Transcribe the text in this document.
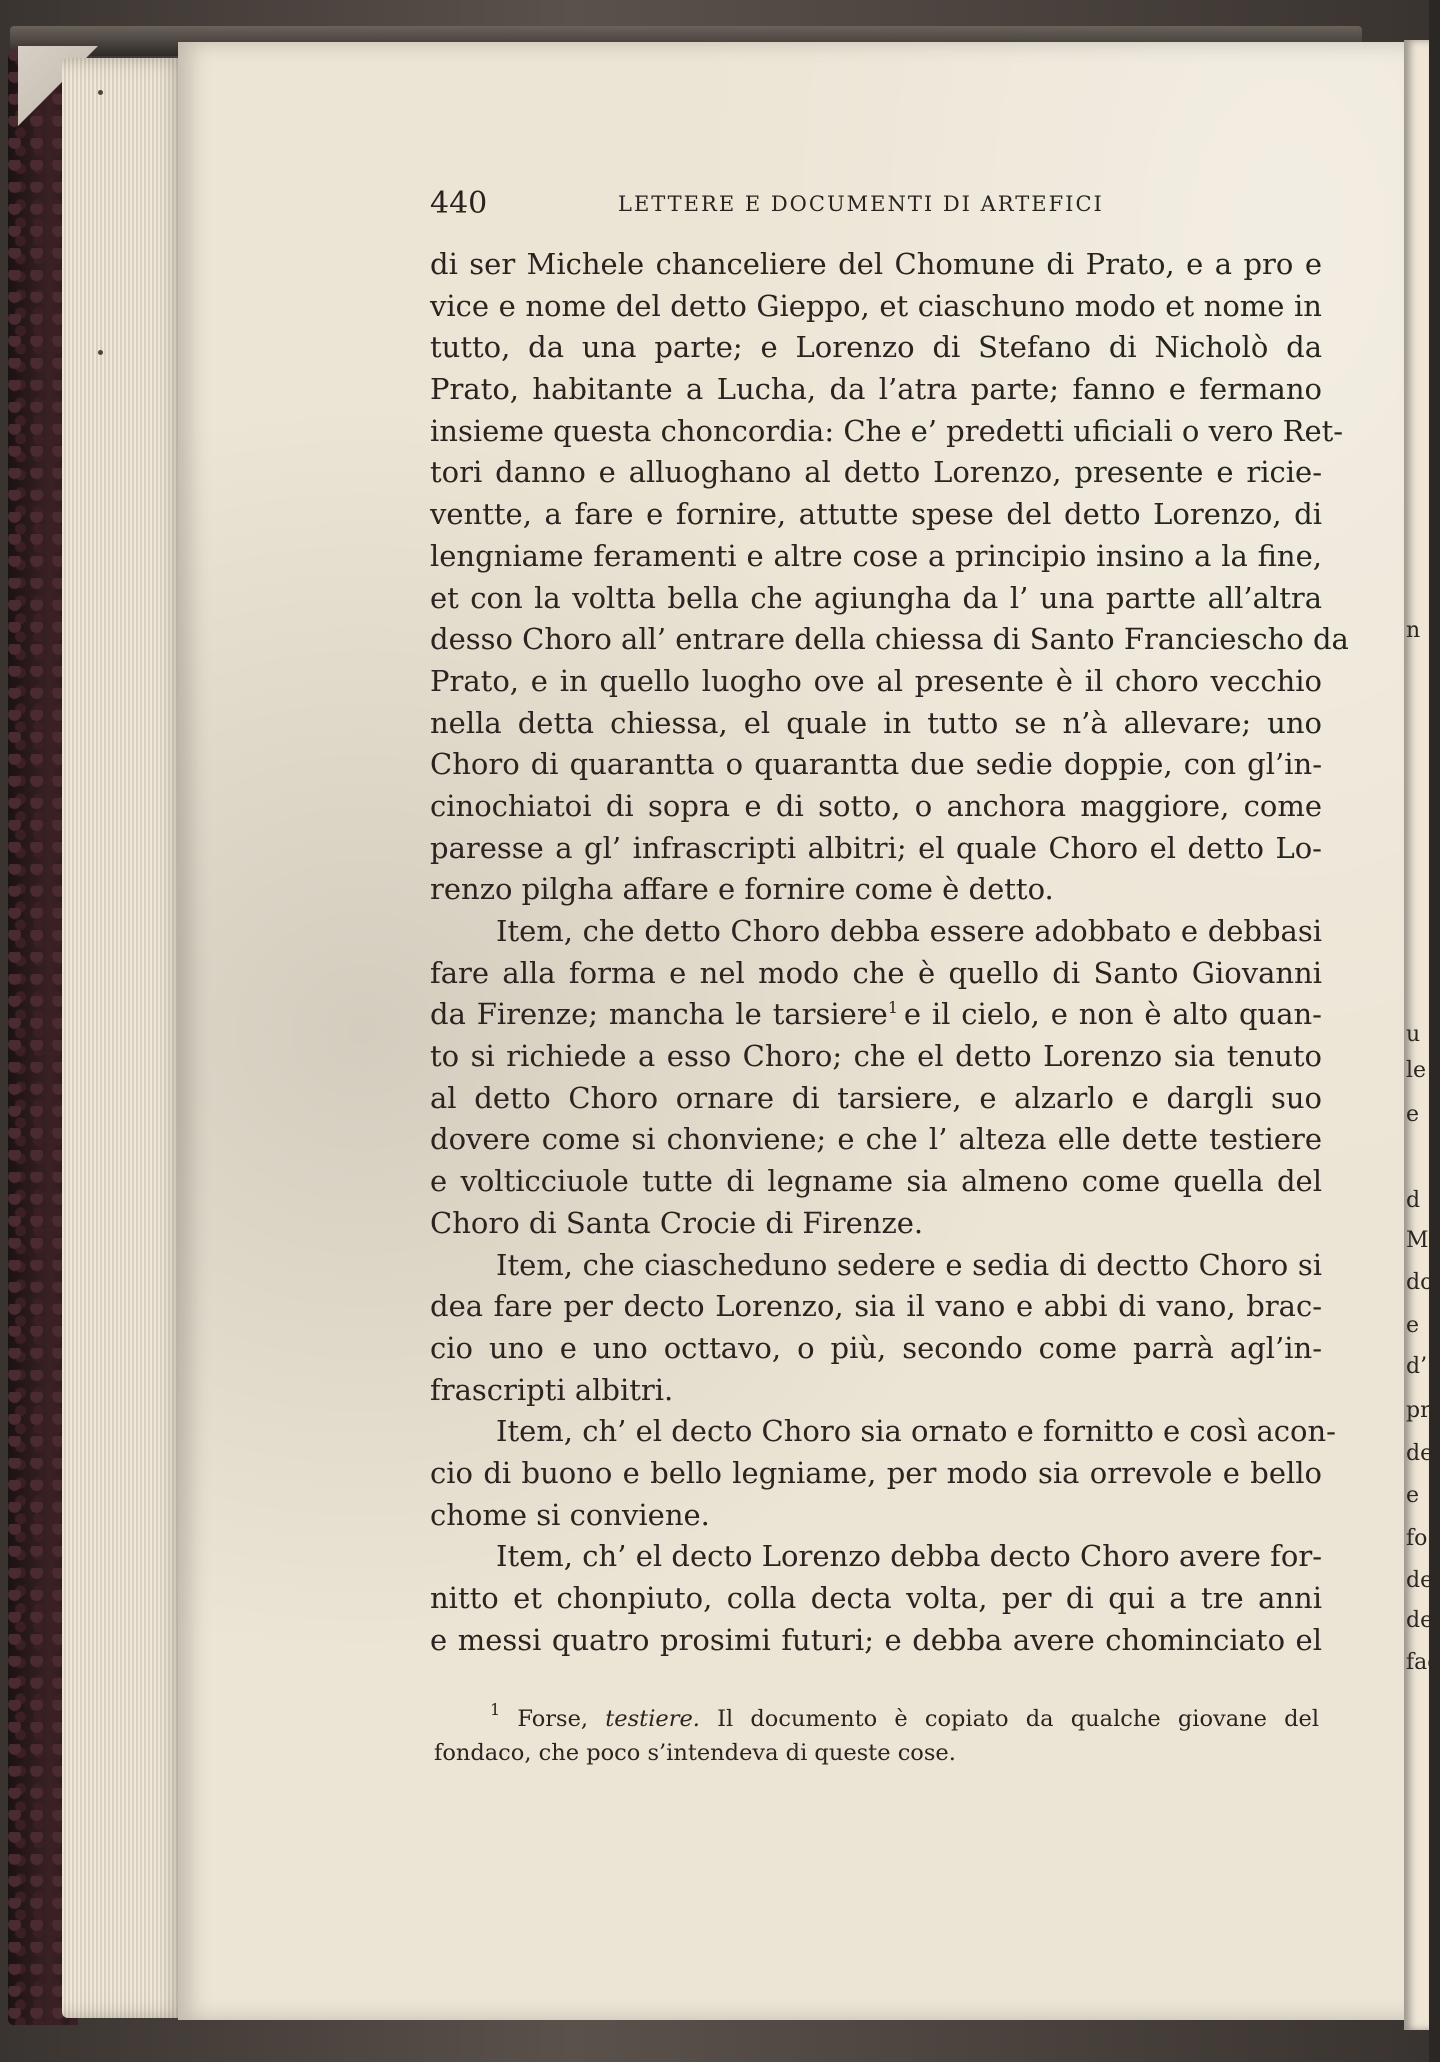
n
u
le
e
d
M
do
e
d’
pr
de
e
fo
de
de
fac
440	LETTERE E DOCUMENTI DI ARTEFICI
di ser Michele chanceliere del Chomune di Prato, e a pro e
vice e nome del detto Gieppo, et ciaschuno modo et nome in
tutto, da una parte; e Lorenzo di Stefano di Nicholò da
Prato, habitante a Lucha, da l’atra parte; fanno e fermano
insieme questa choncordia: Che e’ predetti uficiali o vero Ret-
tori danno e alluoghano al detto Lorenzo, presente e ricie-
ventte, a fare e fornire, attutte spese del detto Lorenzo, di
lengniame feramenti e altre cose a principio insino a la fine,
et con la voltta bella che agiungha da l’ una partte all’altra
desso Choro all’ entrare della chiessa di Santo Franciescho da
Prato, e in quello luogho ove al presente è il choro vecchio
nella detta chiessa, el quale in tutto se n’à allevare; uno
Choro di quarantta o quarantta due sedie doppie, con gl’in-
cinochiatoi di sopra e di sotto, o anchora maggiore, come
paresse a gl’ infrascripti albitri; el quale Choro el detto Lo-
renzo pilgha affare e fornire come è detto.
Item, che detto Choro debba essere adobbato e debbasi
fare alla forma e nel modo che è quello di Santo Giovanni
da Firenze; mancha le tarsiere$^1$  e il cielo, e non è alto quan-
to si richiede a esso Choro; che el detto Lorenzo sia tenuto
al detto Choro ornare di tarsiere, e alzarlo e dargli suo
dovere come si chonviene; e che l’ alteza elle dette testiere
e volticciuole tutte di legname sia almeno come quella del
Choro di Santa Crocie di Firenze.
Item, che ciascheduno sedere e sedia di dectto Choro si
dea fare per decto Lorenzo, sia il vano e abbi di vano, brac-
cio uno e uno octtavo, o più, secondo come parrà agl’in-
frascripti albitri.
Item, ch’ el decto Choro sia ornato e fornitto e così acon-
cio di buono e bello legniame, per modo sia orrevole e bello
chome si conviene.
Item, ch’ el decto Lorenzo debba decto Choro avere for-
nitto et chonpiuto, colla decta volta, per di qui a tre anni
e messi quatro prosimi futuri; e debba avere chominciato el
$^1$ Forse, testiere. Il documento è copiato da qualche giovane del
fondaco, che poco s’intendeva di queste cose.
